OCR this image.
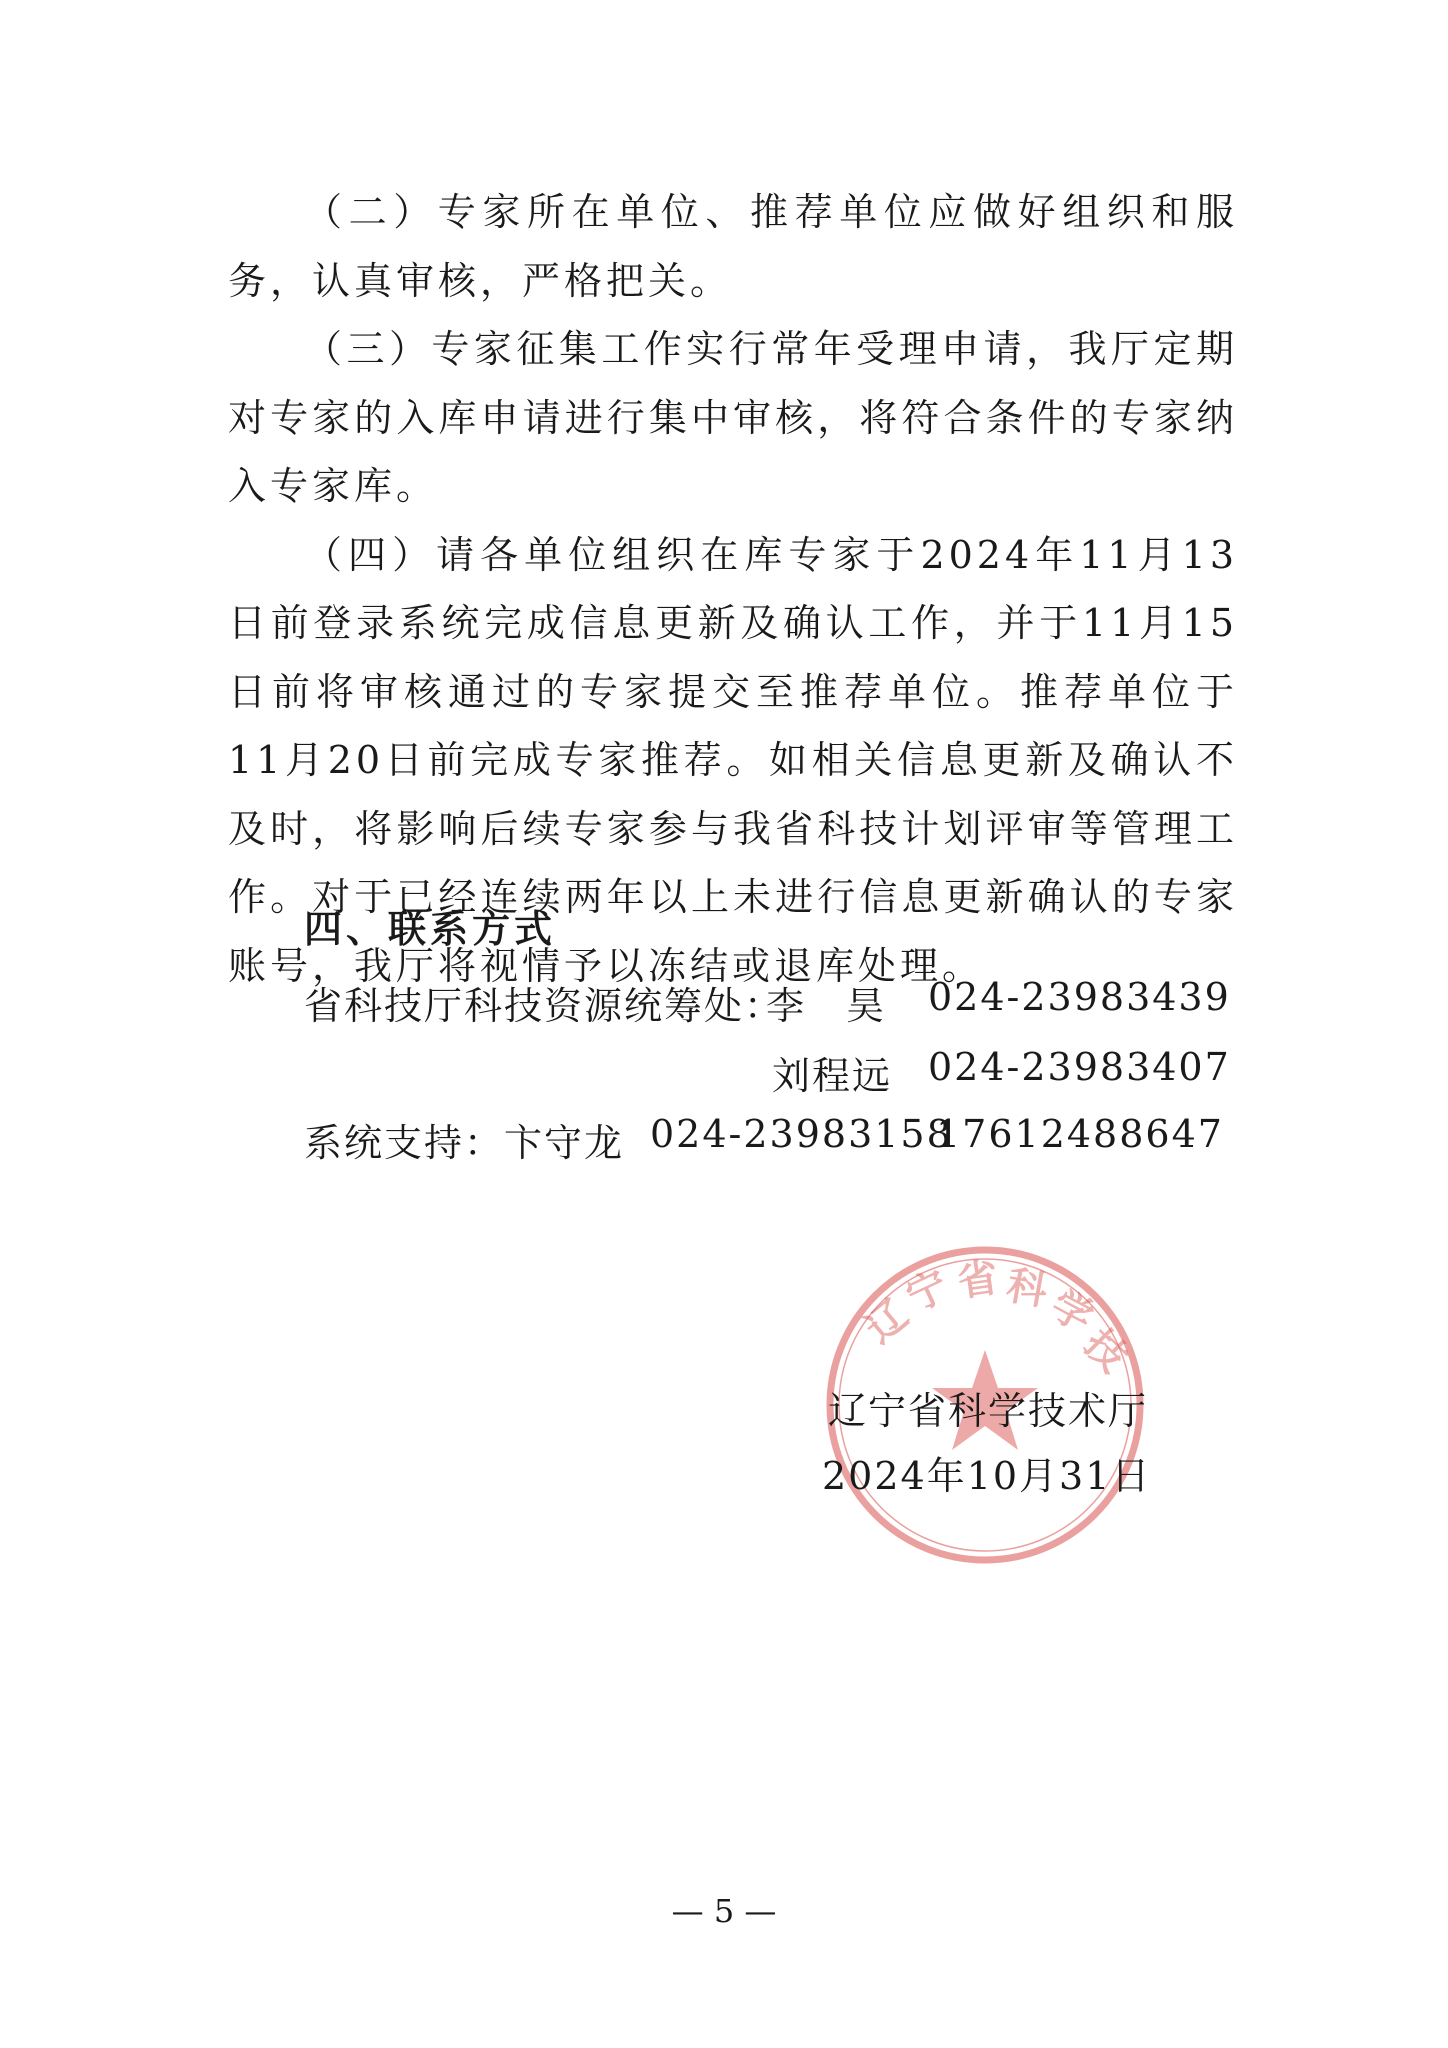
（二）专家所在单位、推荐单位应做好组织和服务，认真审核，严格把关。

（三）专家征集工作实行常年受理申请，我厅定期对专家的入库申请进行集中审核，将符合条件的专家纳入专家库。

（四）请各单位组织在库专家于2024年11月13日前登录系统完成信息更新及确认工作，并于11月15日前将审核通过的专家提交至推荐单位。推荐单位于11月20日前完成专家推荐。如相关信息更新及确认不及时，将影响后续专家参与我省科技计划评审等管理工作。对于已经连续两年以上未进行信息更新确认的专家账号，我厅将视情予以冻结或退库处理。

四、联系方式
省科技厅科技资源统筹处：
李　昊 024-23983439
刘程远 024-23983407
系统支持：卞守龙 024-23983158
17612488647
辽
宁 省 科
学
技
辽宁省科学技术厅
2024年10月31日
— 5 —
